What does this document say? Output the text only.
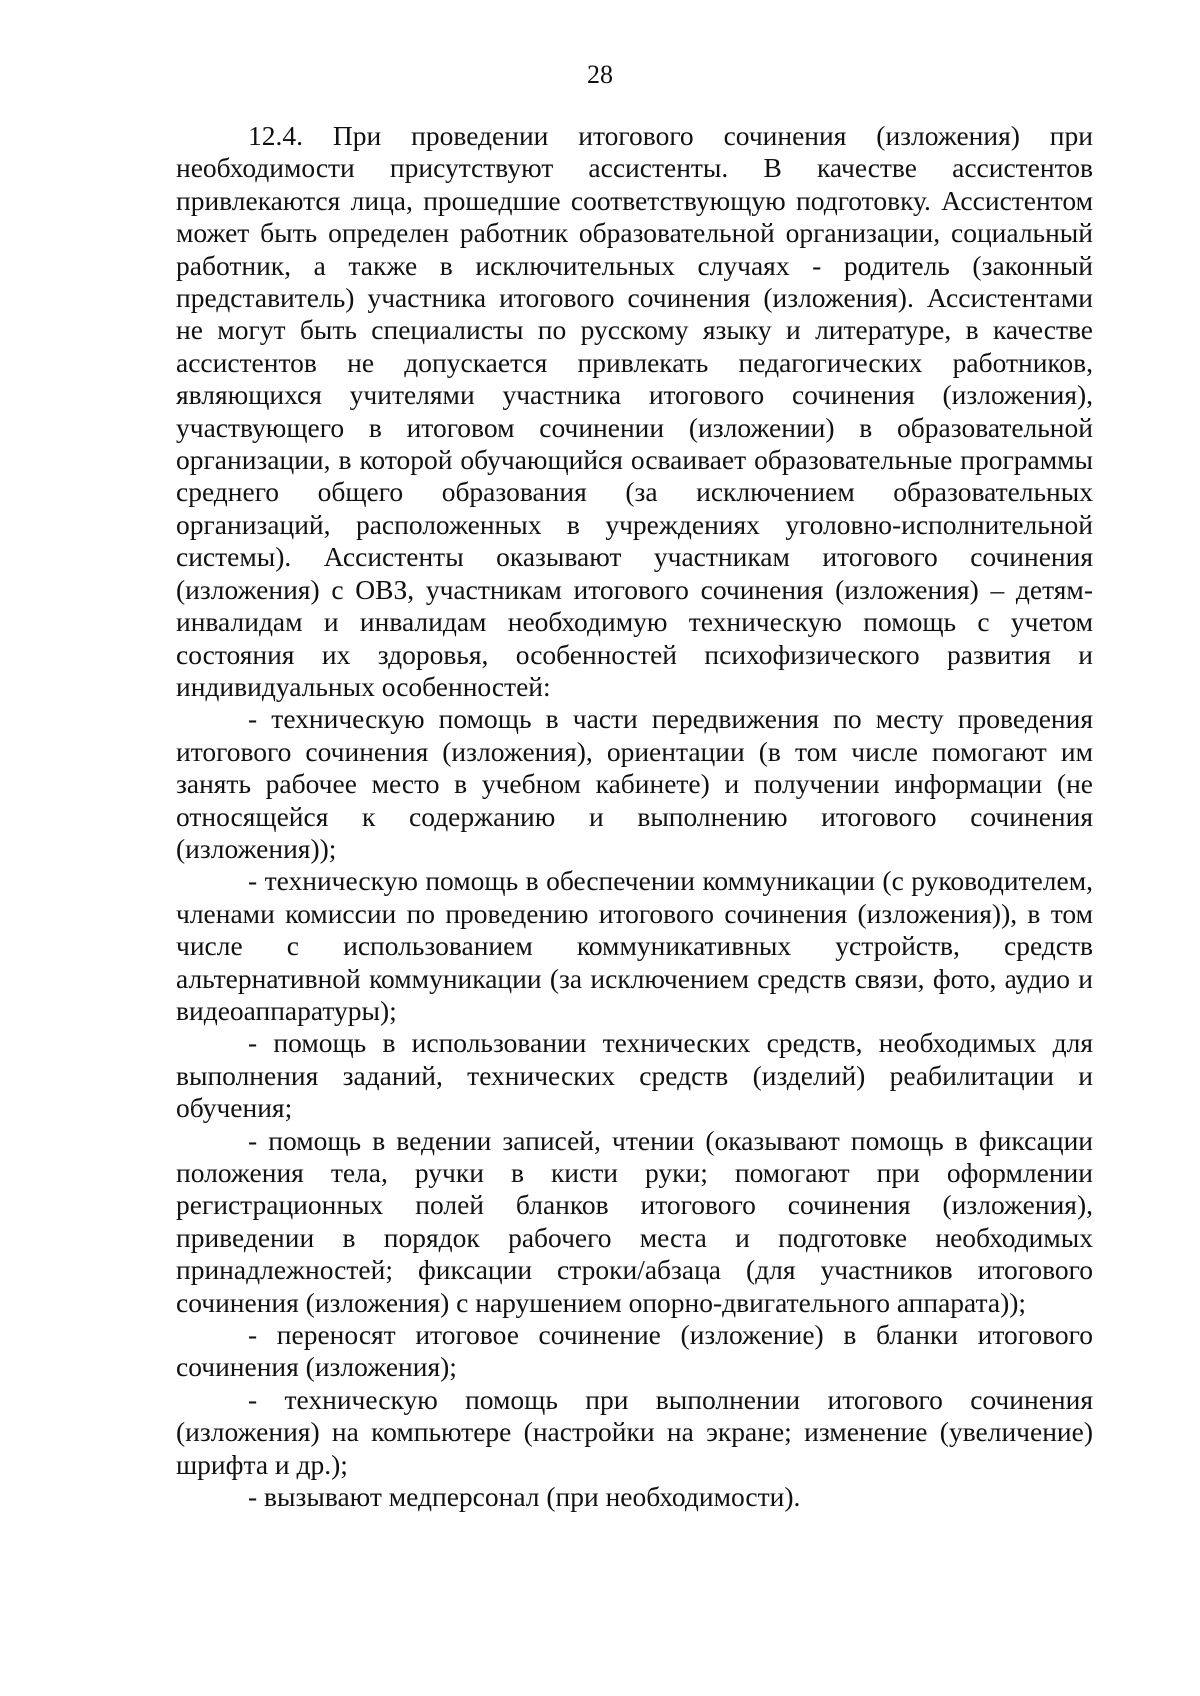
28

12.4. При проведении итогового сочинения (изложения) при необходимости присутствуют ассистенты. В качестве ассистентов привлекаются лица, прошедшие соответствующую подготовку. Ассистентом может быть определен работник образовательной организации, социальный работник, а также в исключительных случаях - родитель (законный представитель) участника итогового сочинения (изложения). Ассистентами не могут быть специалисты по русскому языку и литературе, в качестве ассистентов не допускается привлекать педагогических работников, являющихся учителями участника итогового сочинения (изложения), участвующего в итоговом сочинении (изложении) в образовательной организации, в которой обучающийся осваивает образовательные программы среднего общего образования (за исключением образовательных организаций, расположенных в учреждениях уголовно-исполнительной системы). Ассистенты оказывают участникам итогового сочинения (изложения) с ОВЗ, участникам итогового сочинения (изложения) – детям-инвалидам и инвалидам необходимую техническую помощь с учетом состояния их здоровья, особенностей психофизического развития и индивидуальных особенностей:

- техническую помощь в части передвижения по месту проведения итогового сочинения (изложения), ориентации (в том числе помогают им занять рабочее место в учебном кабинете) и получении информации (не относящейся к содержанию и выполнению итогового сочинения (изложения));

- техническую помощь в обеспечении коммуникации (с руководителем, членами комиссии по проведению итогового сочинения (изложения)), в том числе с использованием коммуникативных устройств, средств альтернативной коммуникации (за исключением средств связи, фото, аудио и видеоаппаратуры);

- помощь в использовании технических средств, необходимых для выполнения заданий, технических средств (изделий) реабилитации и обучения;

- помощь в ведении записей, чтении (оказывают помощь в фиксации положения тела, ручки в кисти руки; помогают при оформлении регистрационных полей бланков итогового сочинения (изложения), приведении в порядок рабочего места и подготовке необходимых принадлежностей; фиксации строки/абзаца (для участников итогового сочинения (изложения) с нарушением опорно-двигательного аппарата));

- переносят итоговое сочинение (изложение) в бланки итогового сочинения (изложения);

- техническую помощь при выполнении итогового сочинения (изложения) на компьютере (настройки на экране; изменение (увеличение) шрифта и др.);

- вызывают медперсонал (при необходимости).
